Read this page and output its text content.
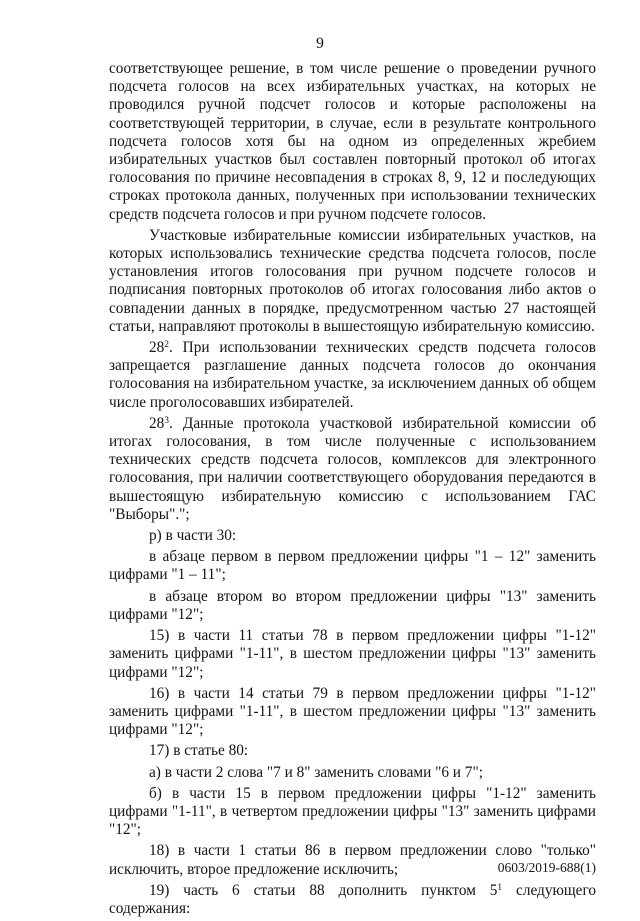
9

соответствующее решение, в том числе решение о проведении ручного подсчета голосов на всех избирательных участках, на которых не проводился ручной подсчет голосов и которые расположены на соответствующей территории, в случае, если в результате контрольного подсчета голосов хотя бы на одном из определенных жребием избирательных участков был составлен повторный протокол об итогах голосования по причине несовпадения в строках 8, 9, 12 и последующих строках протокола данных, полученных при использовании технических средств подсчета голосов и при ручном подсчете голосов.

Участковые избирательные комиссии избирательных участков, на которых использовались технические средства подсчета голосов, после установления итогов голосования при ручном подсчете голосов и подписания повторных протоколов об итогах голосования либо актов о совпадении данных в порядке, предусмотренном частью 27 настоящей статьи, направляют протоколы в вышестоящую избирательную комиссию.

$28^2$. При использовании технических средств подсчета голосов запрещается разглашение данных подсчета голосов до окончания голосования на избирательном участке, за исключением данных об общем числе проголосовавших избирателей.

$28^3$. Данные протокола участковой избирательной комиссии об итогах голосования, в том числе полученные с использованием технических средств подсчета голосов, комплексов для электронного голосования, при наличии соответствующего оборудования передаются в вышестоящую избирательную комиссию с использованием ГАС "Выборы".";

р) в части 30:

в абзаце первом в первом предложении цифры "1 – 12" заменить цифрами "1 – 11";

в абзаце втором во втором предложении цифры "13" заменить цифрами "12";

15) в части 11 статьи 78 в первом предложении цифры "1-12" заменить цифрами "1-11", в шестом предложении цифры "13" заменить цифрами "12";

16) в части 14 статьи 79 в первом предложении цифры "1-12" заменить цифрами "1-11", в шестом предложении цифры "13" заменить цифрами "12";

17) в статье 80:

а) в части 2 слова "7 и 8" заменить словами "6 и 7";

б) в части 15 в первом предложении цифры "1-12" заменить цифрами "1-11", в четвертом предложении цифры "13" заменить цифрами "12";

18) в части 1 статьи 86 в первом предложении слово "только" исключить, второе предложение исключить;

19) часть 6 статьи 88 дополнить пунктом $5^1$ следующего содержания:

0603/2019-688(1)
